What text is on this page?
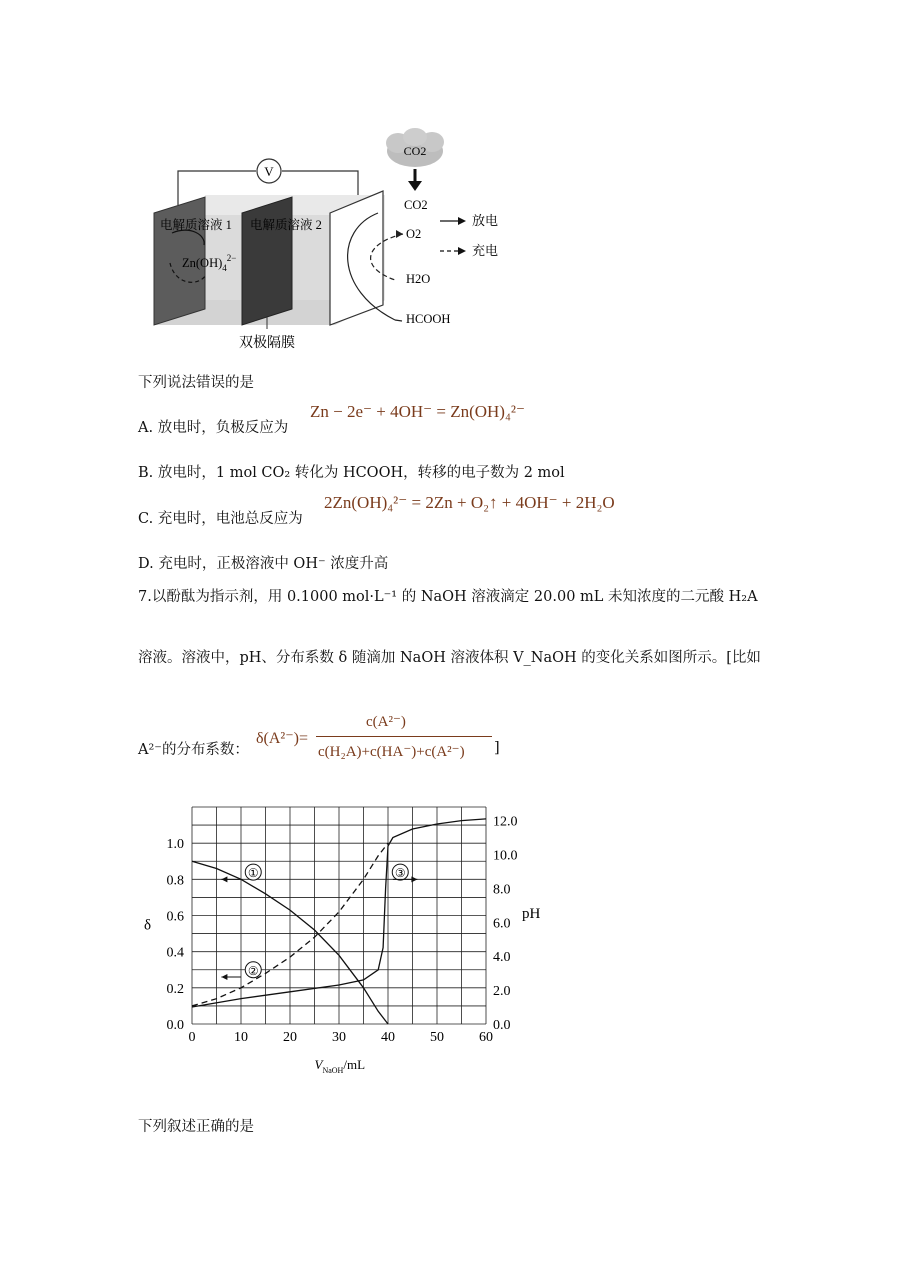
V
电解质溶液 1 电解质溶液 2
$Zn(OH)_4^{2-}$
CO2
CO2
O2
H2O
HCOOH
放电
充电
双极隔膜
下列说法错误的是
A. 放电时，负极反应为
Zn − 2e⁻ + 4OH⁻ = Zn(OH)₄²⁻
B. 放电时，1 mol CO₂ 转化为 HCOOH，转移的电子数为 2 mol
C. 充电时，电池总反应为
2Zn(OH)₄²⁻ = 2Zn + O₂↑ + 4OH⁻ + 2H₂O
D. 充电时，正极溶液中 OH⁻ 浓度升高
7.以酚酞为指示剂，用 0.1000 mol·L⁻¹ 的 NaOH 溶液滴定 20.00 mL 未知浓度的二元酸 H₂A
溶液。溶液中，pH、分布系数 δ 随滴加 NaOH 溶液体积 V_NaOH 的变化关系如图所示。[比如
A²⁻的分布系数：
δ(A²⁻)=
c(A²⁻)
c(H₂A)+c(HA⁻)+c(A²⁻) ]
0	10	20	30	40	50	60
0.0
0.2
0.4
0.6
0.8
1.0
0.0
2.0
4.0
6.0
8.0
10.0
12.0
δ
pH
$V_{NaOH}/mL$
①
②
③
下列叙述正确的是
